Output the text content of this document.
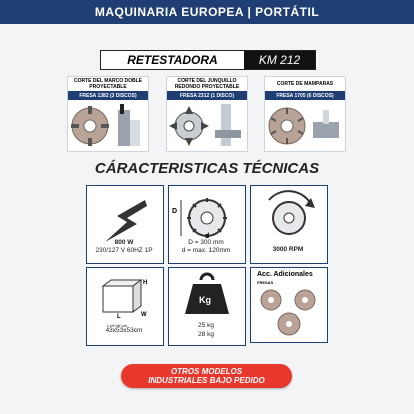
MAQUINARIA EUROPEA | PORTÁTIL
RETESTADORA	KM 212
CORTE DEL MARCO DOBLE PROYECTABLE
FRESA 1382 (3 DISCOS)
CORTE DEL JUNQUILLO REDONDO PROYECTABLE
FRESA 2312 (1 DISCO)
CORTE DE MAMPARAS
FRESA 1705 (6 DISCOS)
CÁRACTERISTICAS TÉCNICAS
800 W
230/127 V 60HZ 1P
D
d
D = 300 mm
d = max. 120mm	3000 RPM
H
L	W
L×H×W cm
43x53x53cm
Kg
25 kg
28 kg
Acc. Adicionales
FRESAS
OTROS MODELOS
INDUSTRIALES BAJO PEDIDO
